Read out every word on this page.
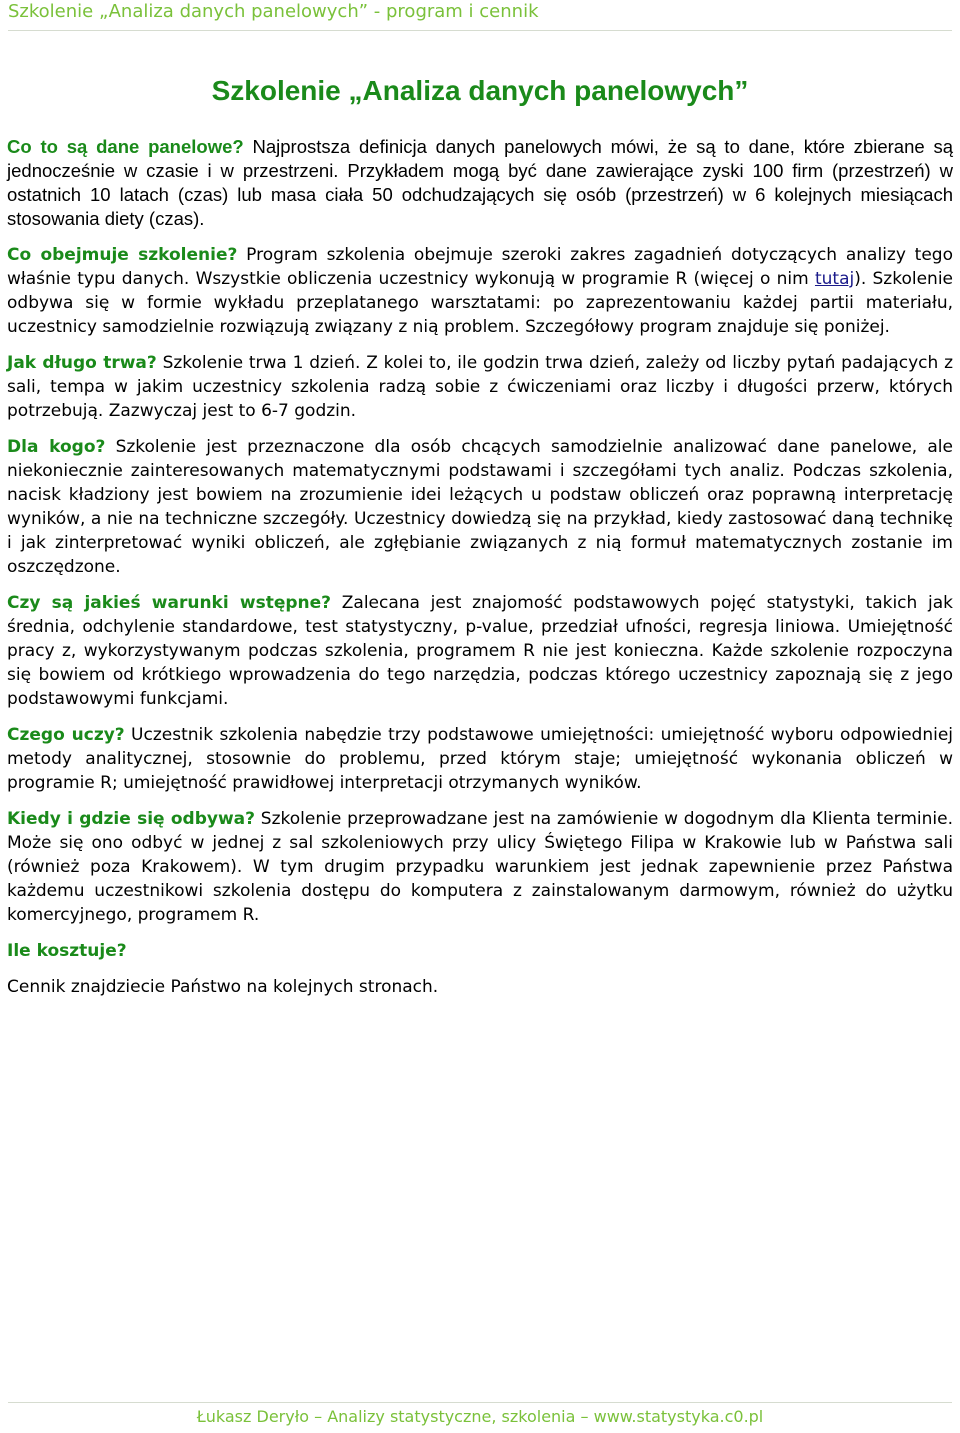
Szkolenie „Analiza danych panelowych” - program i cennik
Szkolenie „Analiza danych panelowych”

Co to są dane panelowe? Najprostsza definicja danych panelowych mówi, że są to dane, które zbierane są jednocześnie w czasie i w przestrzeni. Przykładem mogą być dane zawierające zyski 100 firm (przestrzeń) w ostatnich 10 latach (czas) lub masa ciała 50 odchudzających się osób (przestrzeń) w 6 kolejnych miesiącach stosowania diety (czas).

Co obejmuje szkolenie? Program szkolenia obejmuje szeroki zakres zagadnień dotyczących analizy tego właśnie typu danych. Wszystkie obliczenia uczestnicy wykonują w programie R (więcej o nim tutaj). Szkolenie odbywa się w formie wykładu przeplatanego warsztatami: po zaprezentowaniu każdej partii materiału, uczestnicy samodzielnie rozwiązują związany z nią problem. Szczegółowy program znajduje się poniżej.

Jak długo trwa? Szkolenie trwa 1 dzień. Z kolei to, ile godzin trwa dzień, zależy od liczby pytań padających z sali, tempa w jakim uczestnicy szkolenia radzą sobie z ćwiczeniami oraz liczby i długości przerw, których potrzebują. Zazwyczaj jest to 6-7 godzin.

Dla kogo? Szkolenie jest przeznaczone dla osób chcących samodzielnie analizować dane panelowe, ale niekoniecznie zainteresowanych matematycznymi podstawami i szczegółami tych analiz. Podczas szkolenia, nacisk kładziony jest bowiem na zrozumienie idei leżących u podstaw obliczeń oraz poprawną interpretację wyników, a nie na techniczne szczegóły. Uczestnicy dowiedzą się na przykład, kiedy zastosować daną technikę i jak zinterpretować wyniki obliczeń, ale zgłębianie związanych z nią formuł matematycznych zostanie im oszczędzone.

Czy są jakieś warunki wstępne? Zalecana jest znajomość podstawowych pojęć statystyki, takich jak średnia, odchylenie standardowe, test statystyczny, p-value, przedział ufności, regresja liniowa. Umiejętność pracy z, wykorzystywanym podczas szkolenia, programem R nie jest konieczna. Każde szkolenie rozpoczyna się bowiem od krótkiego wprowadzenia do tego narzędzia, podczas którego uczestnicy zapoznają się z jego podstawowymi funkcjami.

Czego uczy? Uczestnik szkolenia nabędzie trzy podstawowe umiejętności: umiejętność wyboru odpowiedniej metody analitycznej, stosownie do problemu, przed którym staje; umiejętność wykonania obliczeń w programie R; umiejętność prawidłowej interpretacji otrzymanych wyników.

Kiedy i gdzie się odbywa? Szkolenie przeprowadzane jest na zamówienie w dogodnym dla Klienta terminie. Może się ono odbyć w jednej z sal szkoleniowych przy ulicy Świętego Filipa w Krakowie lub w Państwa sali (również poza Krakowem). W tym drugim przypadku warunkiem jest jednak zapewnienie przez Państwa każdemu uczestnikowi szkolenia dostępu do komputera z zainstalowanym darmowym, również do użytku komercyjnego, programem R.

Ile kosztuje?

Cennik znajdziecie Państwo na kolejnych stronach.

Łukasz Deryło – Analizy statystyczne, szkolenia – www.statystyka.c0.pl
